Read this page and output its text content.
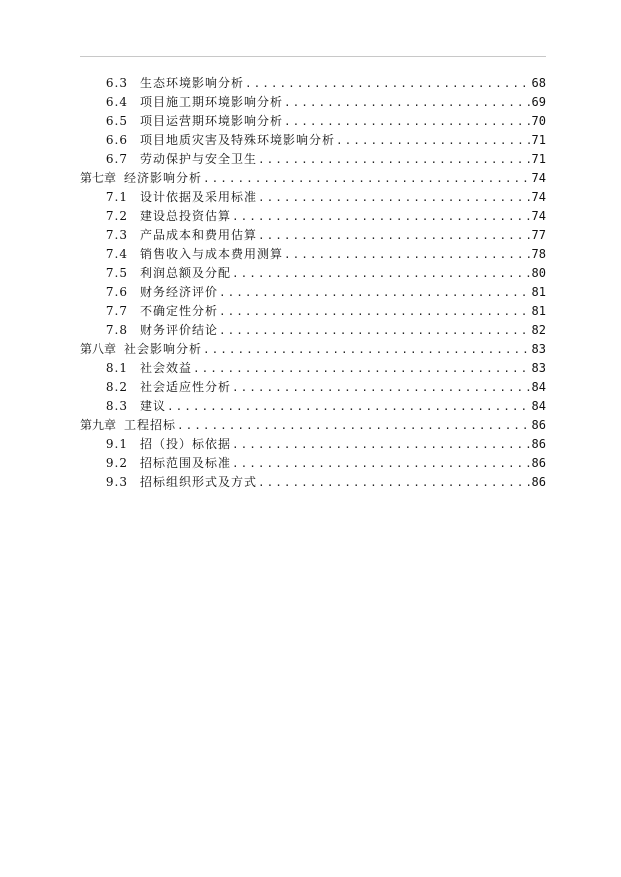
6.3	生态环境影响分析 .....	68
6.4	项目施工期环境影响分析 .....	69
6.5	项目运营期环境影响分析 .....	70
6.6	项目地质灾害及特殊环境影响分析 .....	71
6.7	劳动保护与安全卫生 .....	71
第七章 经济影响分析 .....	74
7.1	设计依据及采用标准 .....	74
7.2	建设总投资估算 .....	74
7.3	产品成本和费用估算 .....	77
7.4	销售收入与成本费用测算 .....	78
7.5	利润总额及分配 .....	80
7.6	财务经济评价 .....	81
7.7	不确定性分析 .....	81
7.8	财务评价结论 .....	82
第八章 社会影响分析 .....	83
8.1	社会效益 .....	83
8.2	社会适应性分析 .....	84
8.3	建议 .....	84
第九章 工程招标 .....	86
9.1	招（投）标依据 .....	86
9.2	招标范围及标准 .....	86
9.3	招标组织形式及方式 .....	86
